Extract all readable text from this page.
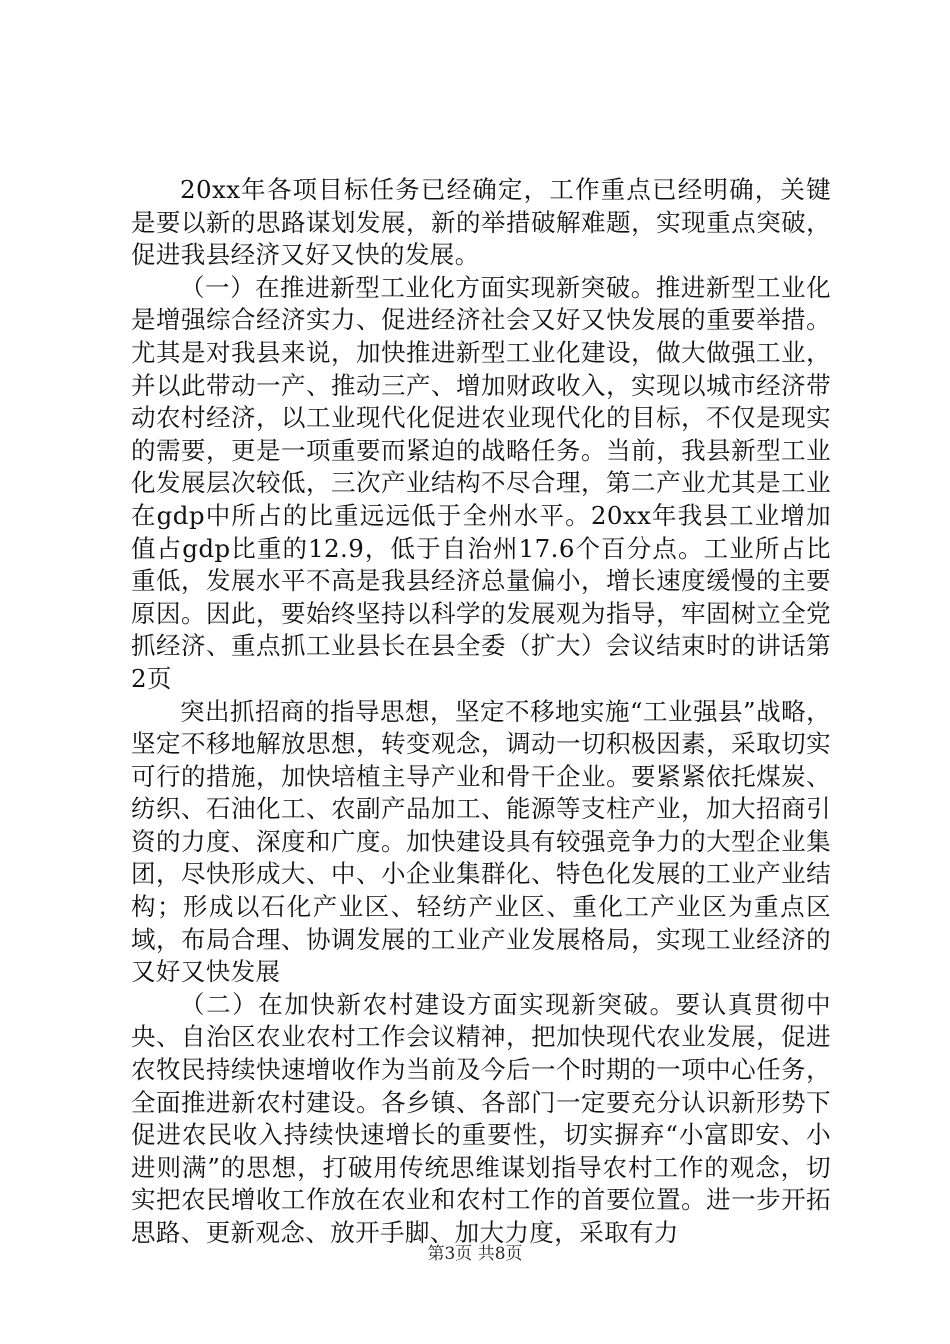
20xx年各项目标任务已经确定，工作重点已经明确，关键是要以新的思路谋划发展，新的举措破解难题，实现重点突破，促进我县经济又好又快的发展。

（一）在推进新型工业化方面实现新突破。推进新型工业化是增强综合经济实力、促进经济社会又好又快发展的重要举措。尤其是对我县来说，加快推进新型工业化建设，做大做强工业，并以此带动一产、推动三产、增加财政收入，实现以城市经济带动农村经济，以工业现代化促进农业现代化的目标，不仅是现实的需要，更是一项重要而紧迫的战略任务。当前，我县新型工业化发展层次较低，三次产业结构不尽合理，第二产业尤其是工业在gdp中所占的比重远远低于全州水平。20xx年我县工业增加值占gdp比重的12.9，低于自治州17.6个百分点。工业所占比重低，发展水平不高是我县经济总量偏小，增长速度缓慢的主要原因。因此，要始终坚持以科学的发展观为指导，牢固树立全党抓经济、重点抓工业县长在县全委（扩大）会议结束时的讲话第2页

突出抓招商的指导思想，坚定不移地实施“工业强县”战略，坚定不移地解放思想，转变观念，调动一切积极因素，采取切实可行的措施，加快培植主导产业和骨干企业。要紧紧依托煤炭、纺织、石油化工、农副产品加工、能源等支柱产业，加大招商引资的力度、深度和广度。加快建设具有较强竞争力的大型企业集团，尽快形成大、中、小企业集群化、特色化发展的工业产业结构；形成以石化产业区、轻纺产业区、重化工产业区为重点区域，布局合理、协调发展的工业产业发展格局，实现工业经济的又好又快发展

（二）在加快新农村建设方面实现新突破。要认真贯彻中央、自治区农业农村工作会议精神，把加快现代农业发展，促进农牧民持续快速增收作为当前及今后一个时期的一项中心任务，全面推进新农村建设。各乡镇、各部门一定要充分认识新形势下促进农民收入持续快速增长的重要性，切实摒弃“小富即安、小进则满”的思想，打破用传统思维谋划指导农村工作的观念，切实把农民增收工作放在农业和农村工作的首要位置。进一步开拓思路、更新观念、放开手脚、加大力度，采取有力

第3页 共8页
